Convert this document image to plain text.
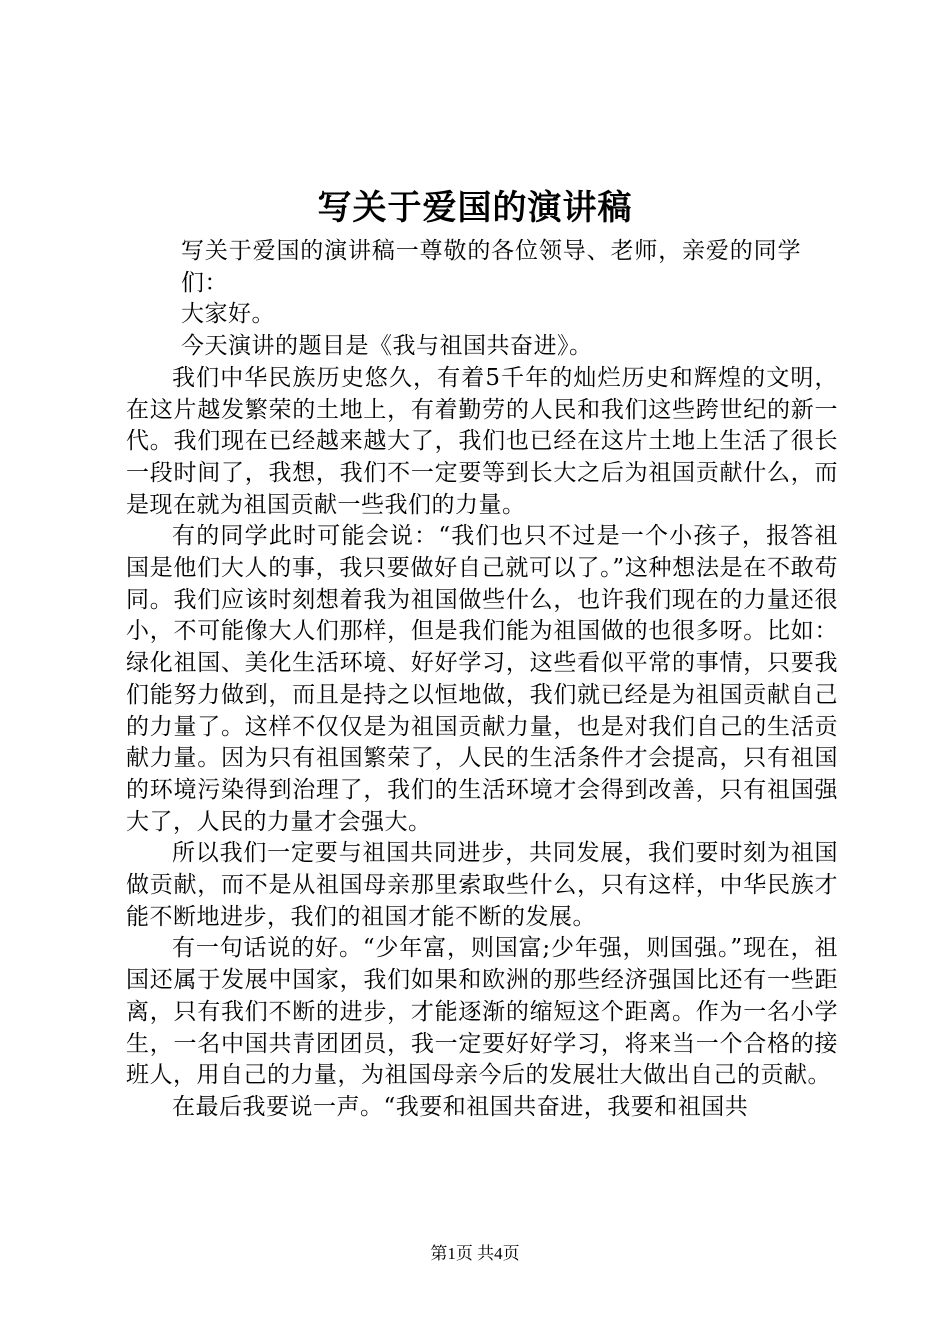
写关于爱国的演讲稿

写关于爱国的演讲稿一尊敬的各位领导、老师，亲爱的同学们：

大家好。

今天演讲的题目是《我与祖国共奋进》。

我们中华民族历史悠久，有着5千年的灿烂历史和辉煌的文明，在这片越发繁荣的土地上，有着勤劳的人民和我们这些跨世纪的新一代。我们现在已经越来越大了，我们也已经在这片土地上生活了很长一段时间了，我想，我们不一定要等到长大之后为祖国贡献什么，而是现在就为祖国贡献一些我们的力量。

有的同学此时可能会说：“我们也只不过是一个小孩子，报答祖国是他们大人的事，我只要做好自己就可以了。”这种想法是在不敢苟同。我们应该时刻想着我为祖国做些什么，也许我们现在的力量还很小，不可能像大人们那样，但是我们能为祖国做的也很多呀。比如：绿化祖国、美化生活环境、好好学习，这些看似平常的事情，只要我们能努力做到，而且是持之以恒地做，我们就已经是为祖国贡献自己的力量了。这样不仅仅是为祖国贡献力量，也是对我们自己的生活贡献力量。因为只有祖国繁荣了，人民的生活条件才会提高，只有祖国的环境污染得到治理了，我们的生活环境才会得到改善，只有祖国强大了，人民的力量才会强大。

所以我们一定要与祖国共同进步，共同发展，我们要时刻为祖国做贡献，而不是从祖国母亲那里索取些什么，只有这样，中华民族才能不断地进步，我们的祖国才能不断的发展。

有一句话说的好。“少年富，则国富;少年强，则国强。”现在，祖国还属于发展中国家，我们如果和欧洲的那些经济强国比还有一些距离，只有我们不断的进步，才能逐渐的缩短这个距离。作为一名小学生，一名中国共青团团员，我一定要好好学习，将来当一个合格的接班人，用自己的力量，为祖国母亲今后的发展壮大做出自己的贡献。

在最后我要说一声。“我要和祖国共奋进，我要和祖国共

第1页 共4页
